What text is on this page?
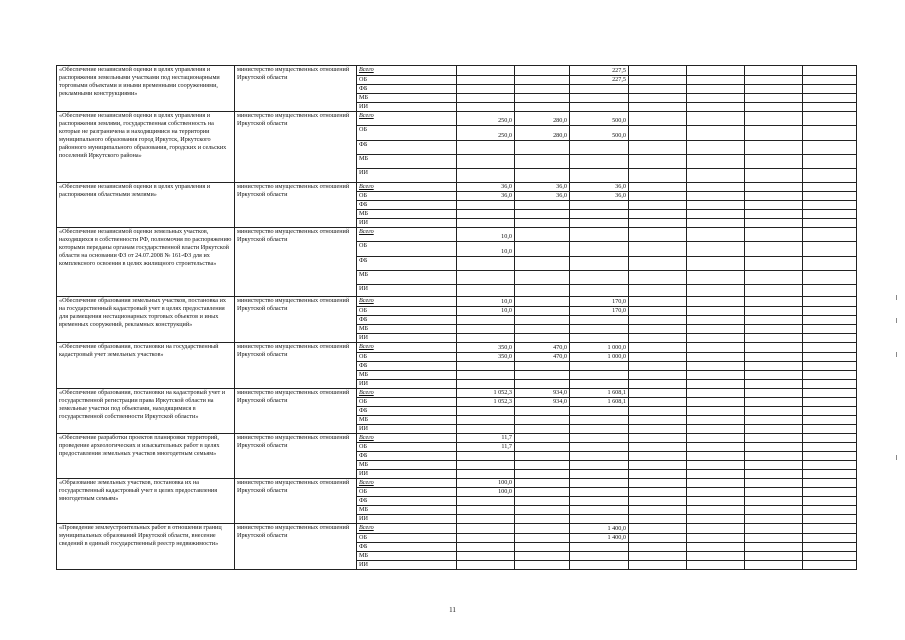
«Обеспечение независимой оценки в целях управления и распоряжения земельными участками под нестационарными торговыми объектами и иными временными сооружениями, рекламными конструкциями»	министерство имущественных отношений Иркутской области	Всего			227,5				
		ОБ			227,5				
		ФБ							
		МБ							
		ИИ							
«Обеспечение независимой оценки в целях управления и распоряжения землями, государственная собственность на которые не разграничена и находящимися на территории муниципального образования город Иркутск, Иркутского районного муниципального образования, городских и сельских поселений Иркутского района»	министерство имущественных отношений Иркутской области	Всего	250,0	280,0	500,0				
		ОБ	250,0	280,0	500,0				
		ФБ							
		МБ							
		ИИ							
«Обеспечение независимой оценки в целях управления и распоряжения областными землями»	министерство имущественных отношений Иркутской области	Всего	36,0	36,0	36,0				
		ОБ	36,0	36,0	36,0				
		ФБ							
		МБ							
		ИИ							
«Обеспечение независимой оценки земельных участков, находящихся в собственности РФ, полномочия по распоряжению которыми переданы органам государственной власти Иркутской области на основании ФЗ от 24.07.2008 № 161-ФЗ для их комплексного освоения в целях жилищного строительства»	министерство имущественных отношений Иркутской области	Всего	10,0						
		ОБ	10,0						
		ФБ							
		МБ							
		ИИ							
«Обеспечение образования земельных участков, постановка их на государственный кадастровый учет в целях предоставления для размещения нестационарных торговых объектов и иных временных сооружений, рекламных конструкций»	министерство имущественных отношений Иркутской области	Всего	10,0		170,0				
		ОБ	10,0		170,0				
		ФБ							
		МБ							
		ИИ							
«Обеспечение образования, постановки на государственный кадастровый учет земельных участков»	министерство имущественных отношений Иркутской области	Всего	350,0	470,0	1 000,0				
		ОБ	350,0	470,0	1 000,0				
		ФБ							
		МБ							
		ИИ							
«Обеспечение образования, постановки на кадастровый учет и государственной регистрации права Иркутской области на земельные участки под объектами, находящимися в государственной собственности Иркутской области»	министерство имущественных отношений Иркутской области	Всего	1 052,3	934,0	1 608,1				
		ОБ	1 052,3	934,0	1 608,1				
		ФБ							
		МБ							
		ИИ							
«Обеспечение разработки проектов планировки территорий, проведение археологических и изыскательных работ в целях предоставления земельных участков многодетным семьям»	министерство имущественных отношений Иркутской области	Всего	11,7						
		ОБ	11,7						
		ФБ							
		МБ							
		ИИ							
«Образование земельных участков, постановка их на государственный кадастровый учет в целях предоставления многодетным семьям»	министерство имущественных отношений Иркутской области	Всего	100,0						
		ОБ	100,0						
		ФБ							
		МБ							
		ИИ							
«Проведение землеустроительных работ в отношении границ муниципальных образований Иркутской области, внесение сведений в единый государственный реестр недвижимости»	министерство имущественных отношений Иркутской области	Всего			1 400,0				
		ОБ			1 400,0				
		ФБ							
		МБ							
		ИИ							
11
